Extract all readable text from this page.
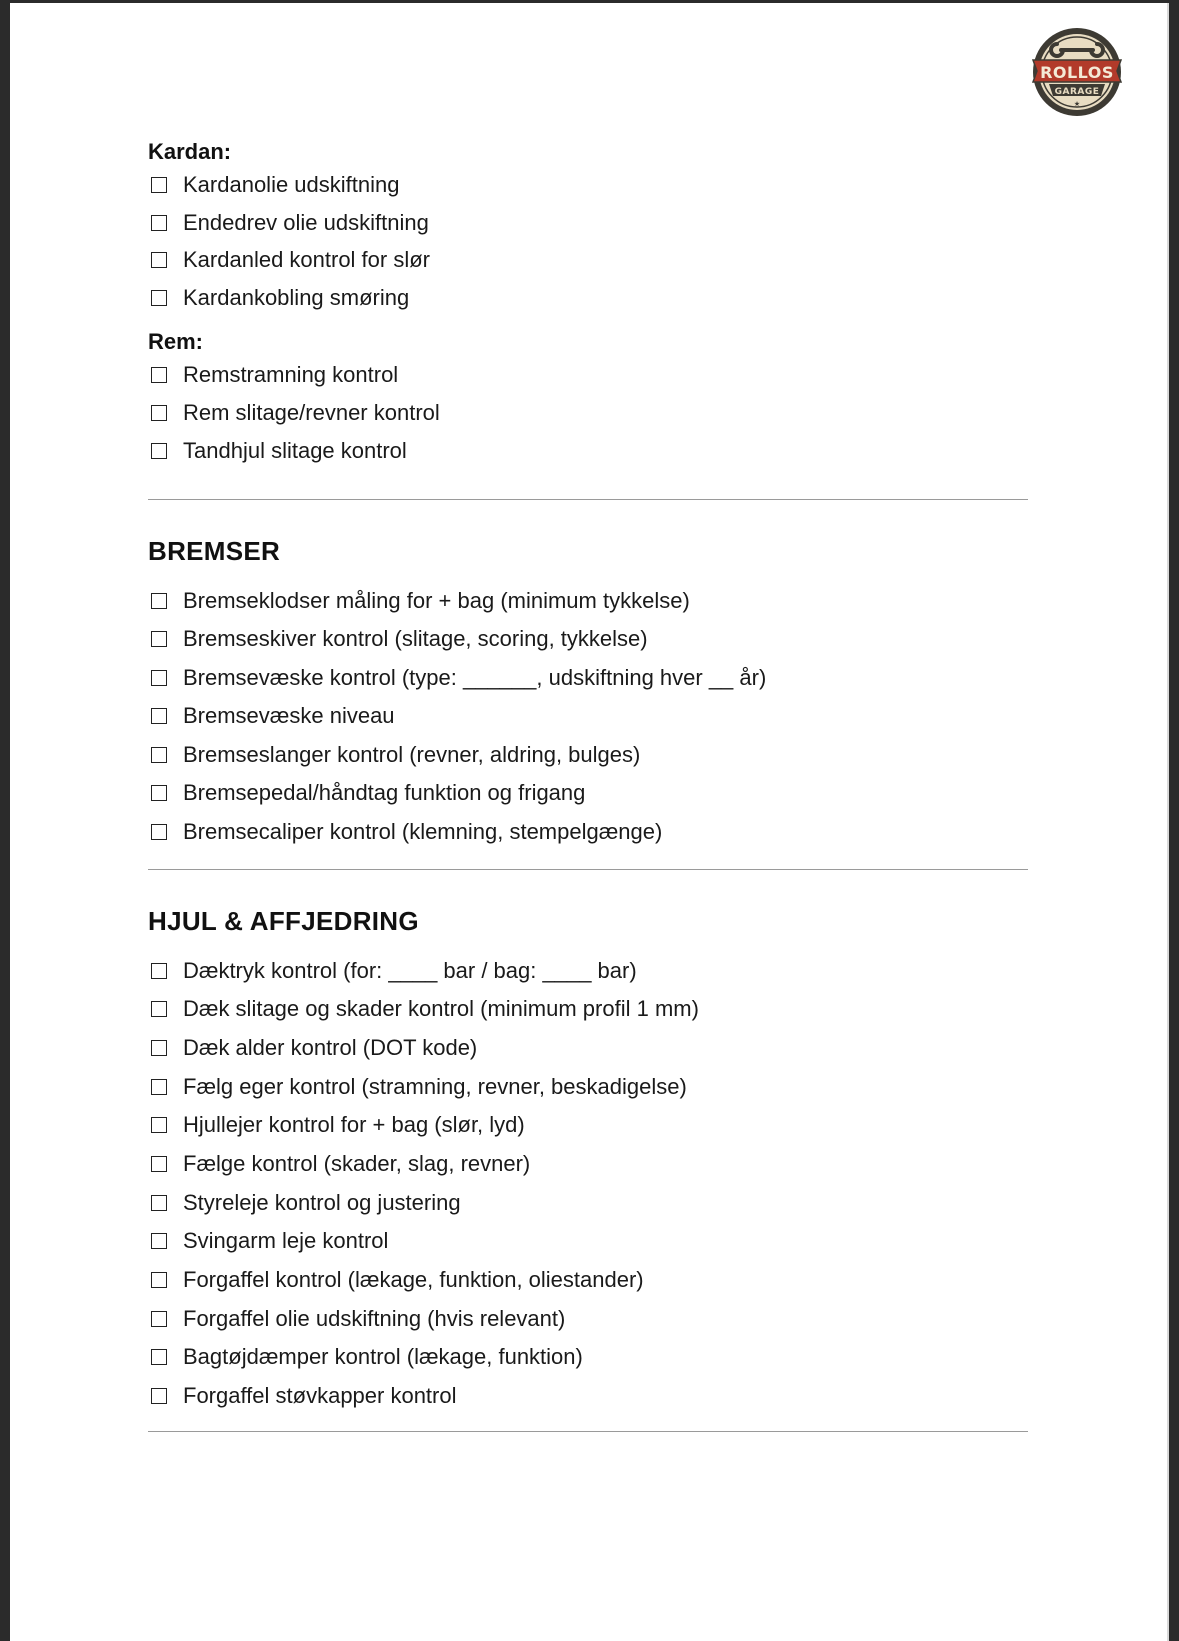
ROLLOS
GARAGE
★
Kardan:
Kardanolie udskiftning
Endedrev olie udskiftning
Kardanled kontrol for slør
Kardankobling smøring
Rem:
Remstramning kontrol
Rem slitage/revner kontrol
Tandhjul slitage kontrol
BREMSER
Bremseklodser måling for + bag (minimum tykkelse)
Bremseskiver kontrol (slitage, scoring, tykkelse)
Bremsevæske kontrol (type: ______, udskiftning hver __ år)
Bremsevæske niveau
Bremseslanger kontrol (revner, aldring, bulges)
Bremsepedal/håndtag funktion og frigang
Bremsecaliper kontrol (klemning, stempelgænge)
HJUL & AFFJEDRING
Dæktryk kontrol (for: ____ bar / bag: ____ bar)
Dæk slitage og skader kontrol (minimum profil 1 mm)
Dæk alder kontrol (DOT kode)
Fælg eger kontrol (stramning, revner, beskadigelse)
Hjullejer kontrol for + bag (slør, lyd)
Fælge kontrol (skader, slag, revner)
Styreleje kontrol og justering
Svingarm leje kontrol
Forgaffel kontrol (lækage, funktion, oliestander)
Forgaffel olie udskiftning (hvis relevant)
Bagtøjdæmper kontrol (lækage, funktion)
Forgaffel støvkapper kontrol
